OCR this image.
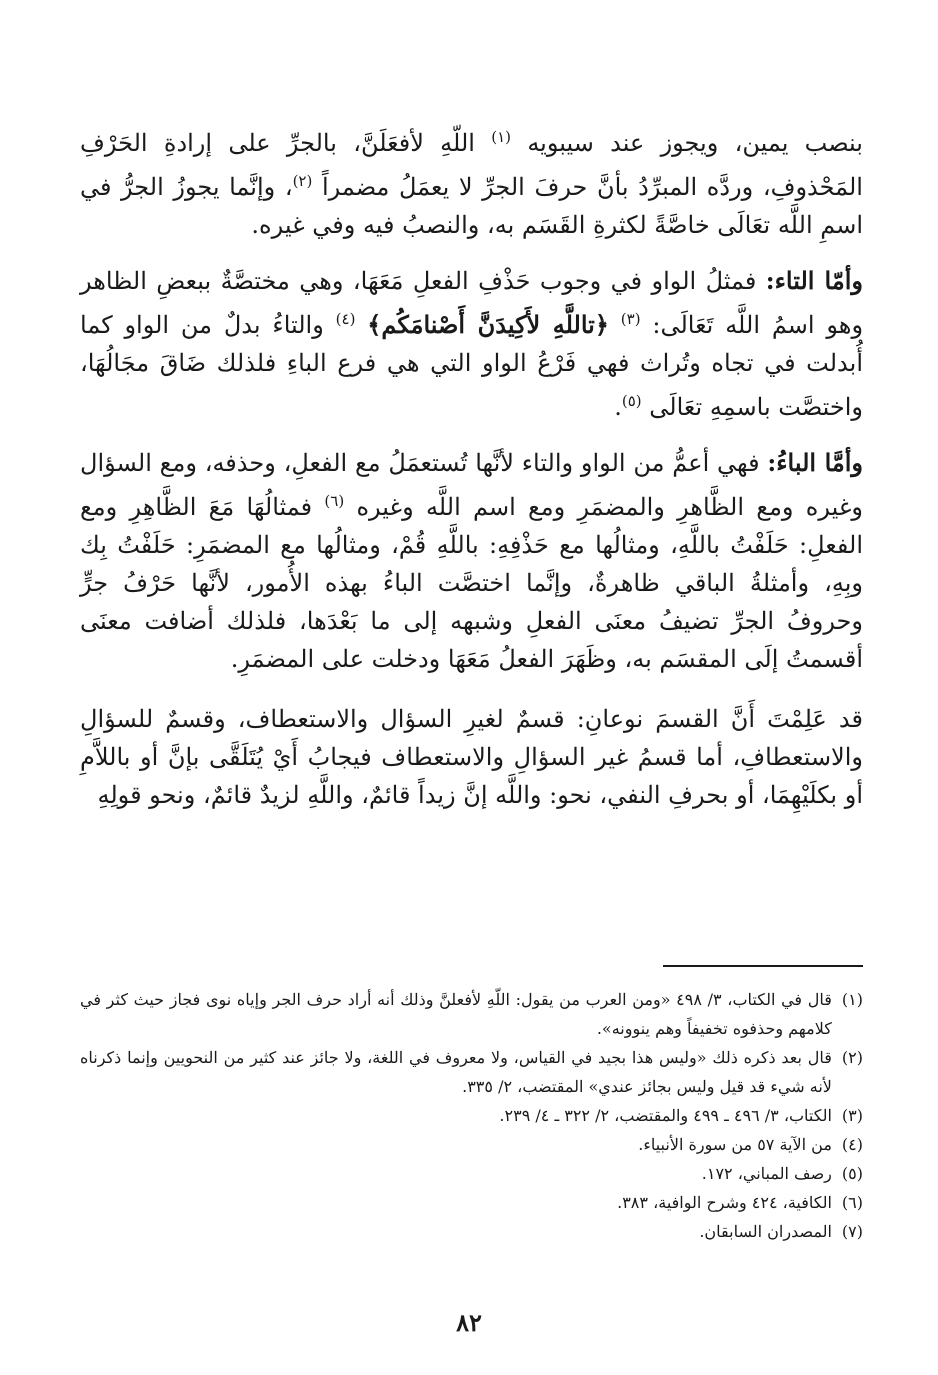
بنصب يمين، ويجوز عند سيبويه $^{(١)}$ اللّهِ لأفعَلَنَّ، بالجرِّ على إرادةِ الحَرْفِ المَحْذوفِ، وردَّه المبرِّدُ بأنَّ حرفَ الجرِّ لا يعمَلُ مضمراً $^{(٢)}$، وإنَّما يجوزُ الجرُّ في اسمِ اللَّه تعَالَى خاصَّةً لكثرةِ القَسَم به، والنصبُ فيه وفي غيره.

وأمّا التاء: فمثلُ الواو في وجوب حَذْفِ الفعلِ مَعَهَا، وهي مختصَّةٌ ببعضِ الظاهر وهو اسمُ اللَّه تَعَالَى: $^{(٣)}$ ﴿تاللَّهِ لأَكِيدَنَّ أَصْنامَكُم﴾ $^{(٤)}$ والتاءُ بدلٌ من الواو كما أُبدلت في تجاه وتُراث فهي فَرْعُ الواو التي هي فرع الباءِ فلذلك ضَاقَ مجَالُهَا، واختصَّت باسمِهِ تعَالَى $^{(٥)}$.

وأمَّا الباءُ: فهي أعمُّ من الواو والتاء لأنَّها تُستعمَلُ مع الفعلِ، وحذفه، ومع السؤال وغيره ومع الظَّاهرِ والمضمَرِ ومع اسم اللَّه وغيره $^{(٦)}$ فمثالُهَا مَعَ الظَّاهِرِ ومع الفعلِ: حَلَفْتُ باللَّهِ، ومثالُها مع حَذْفِهِ: باللَّهِ قُمْ، ومثالُها مع المضمَرِ: حَلَفْتُ بِك وبِهِ، وأمثلةُ الباقي ظاهرةٌ، وإنَّما اختصَّت الباءُ بهذه الأُمور، لأنَّها حَرْفُ جرٍّ وحروفُ الجرِّ تضيفُ معنَى الفعلِ وشبهه إلى ما بَعْدَها، فلذلك أضافت معنَى أقسمتُ إلَى المقسَم به، وظَهَرَ الفعلُ مَعَهَا ودخلت على المضمَرِ.

قد عَلِمْتَ أَنَّ القسمَ نوعانِ: قسمٌ لغيرِ السؤال والاستعطاف، وقسمٌ للسؤالِ والاستعطافِ، أما قسمُ غير السؤالِ والاستعطاف فيجابُ أَيْ يُتَلَقَّى بإنَّ أو باللاَّمِ أو بكلَيْهِمَا، أو بحرفِ النفي، نحو: واللَّه إنَّ زيداً قائمٌ، واللَّهِ لزيدٌ قائمٌ، ونحو قولِهِ

(١)
قال في الكتاب، ٣/ ٤٩٨ «ومن العرب من يقول: اللّهِ لأفعلنَّ وذلك أنه أراد حرف الجر وإياه نوى فجاز حيث كثر في كلامهم وحذفوه تخفيفاً وهم ينوونه».
(٢)
قال بعد ذكره ذلك «وليس هذا بجيد في القياس، ولا معروف في اللغة، ولا جائز عند كثير من النحويين وإنما ذكرناه لأنه شيء قد قيل وليس بجائز عندي» المقتضب، ٢/ ٣٣٥.
(٣)
الكتاب، ٣/ ٤٩٦ ـ ٤٩٩ والمقتضب، ٢/ ٣٢٢ ـ ٤/ ٢٣٩.
(٤)
من الآية ٥٧ من سورة الأنبياء.
(٥)
رصف المباني، ١٧٢.
(٦)
الكافية، ٤٢٤ وشرح الوافية، ٣٨٣.
(٧)
المصدران السابقان.
٨٢
